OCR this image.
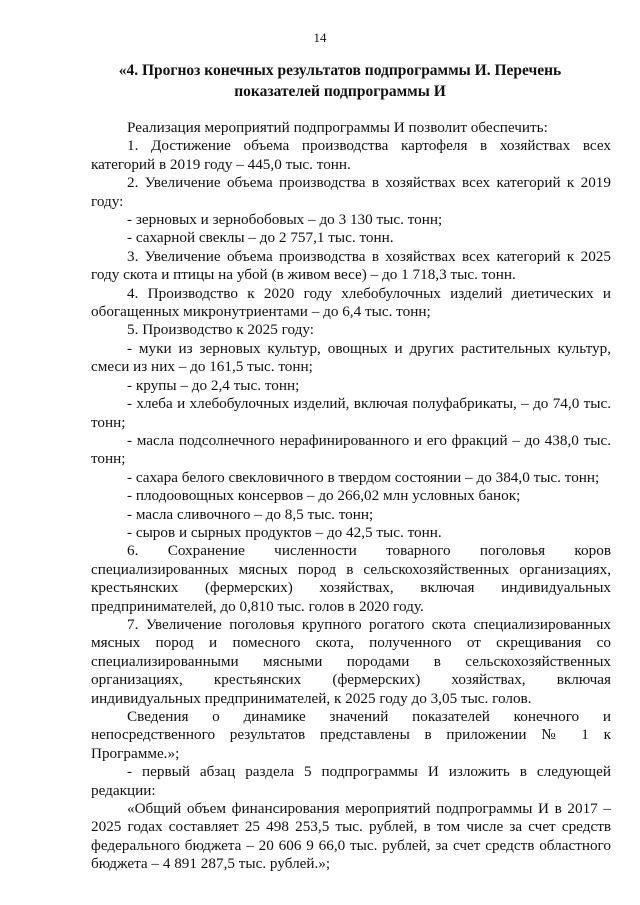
14
«4. Прогноз конечных результатов подпрограммы И. Перечень
показателей подпрограммы И

Реализация мероприятий подпрограммы И позволит обеспечить:

1. Достижение объема производства картофеля в хозяйствах всех категорий в 2019 году – 445,0 тыс. тонн.

2. Увеличение объема производства в хозяйствах всех категорий к 2019 году:

- зерновых и зернобобовых – до 3 130 тыс. тонн;

- сахарной свеклы – до 2 757,1 тыс. тонн.

3. Увеличение объема производства в хозяйствах всех категорий к 2025 году скота и птицы на убой (в живом весе) – до 1 718,3 тыс. тонн.

4. Производство к 2020 году хлебобулочных изделий диетических и обогащенных микронутриентами – до 6,4 тыс. тонн;

5. Производство к 2025 году:

- муки из зерновых культур, овощных и других растительных культур, смеси из них – до 161,5 тыс. тонн;

- крупы – до 2,4 тыс. тонн;

- хлеба и хлебобулочных изделий, включая полуфабрикаты, – до 74,0 тыс. тонн;

- масла подсолнечного нерафинированного и его фракций – до 438,0 тыс. тонн;

- сахара белого свекловичного в твердом состоянии – до 384,0 тыс. тонн;

- плодоовощных консервов – до 266,02 млн условных банок;

- масла сливочного – до 8,5 тыс. тонн;

- сыров и сырных продуктов – до 42,5 тыс. тонн.

6. Сохранение численности товарного поголовья коров специализированных мясных пород в сельскохозяйственных организациях, крестьянских (фермерских) хозяйствах, включая индивидуальных предпринимателей, до 0,810 тыс. голов в 2020 году.

7. Увеличение поголовья крупного рогатого скота специализированных мясных пород и помесного скота, полученного от скрещивания со специализированными мясными породами в сельскохозяйственных организациях, крестьянских (фермерских) хозяйствах, включая индивидуальных предпринимателей, к 2025 году до 3,05 тыс. голов.

Сведения о динамике значений показателей конечного и непосредственного результатов представлены в приложении № 1 к Программе.»;

- первый абзац раздела 5 подпрограммы И изложить в следующей редакции:

«Общий объем финансирования мероприятий подпрограммы И в 2017 – 2025 годах составляет 25 498 253,5 тыс. рублей, в том числе за счет средств федерального бюджета – 20 606 9 66,0 тыс. рублей, за счет средств областного бюджета – 4 891 287,5 тыс. рублей.»;
